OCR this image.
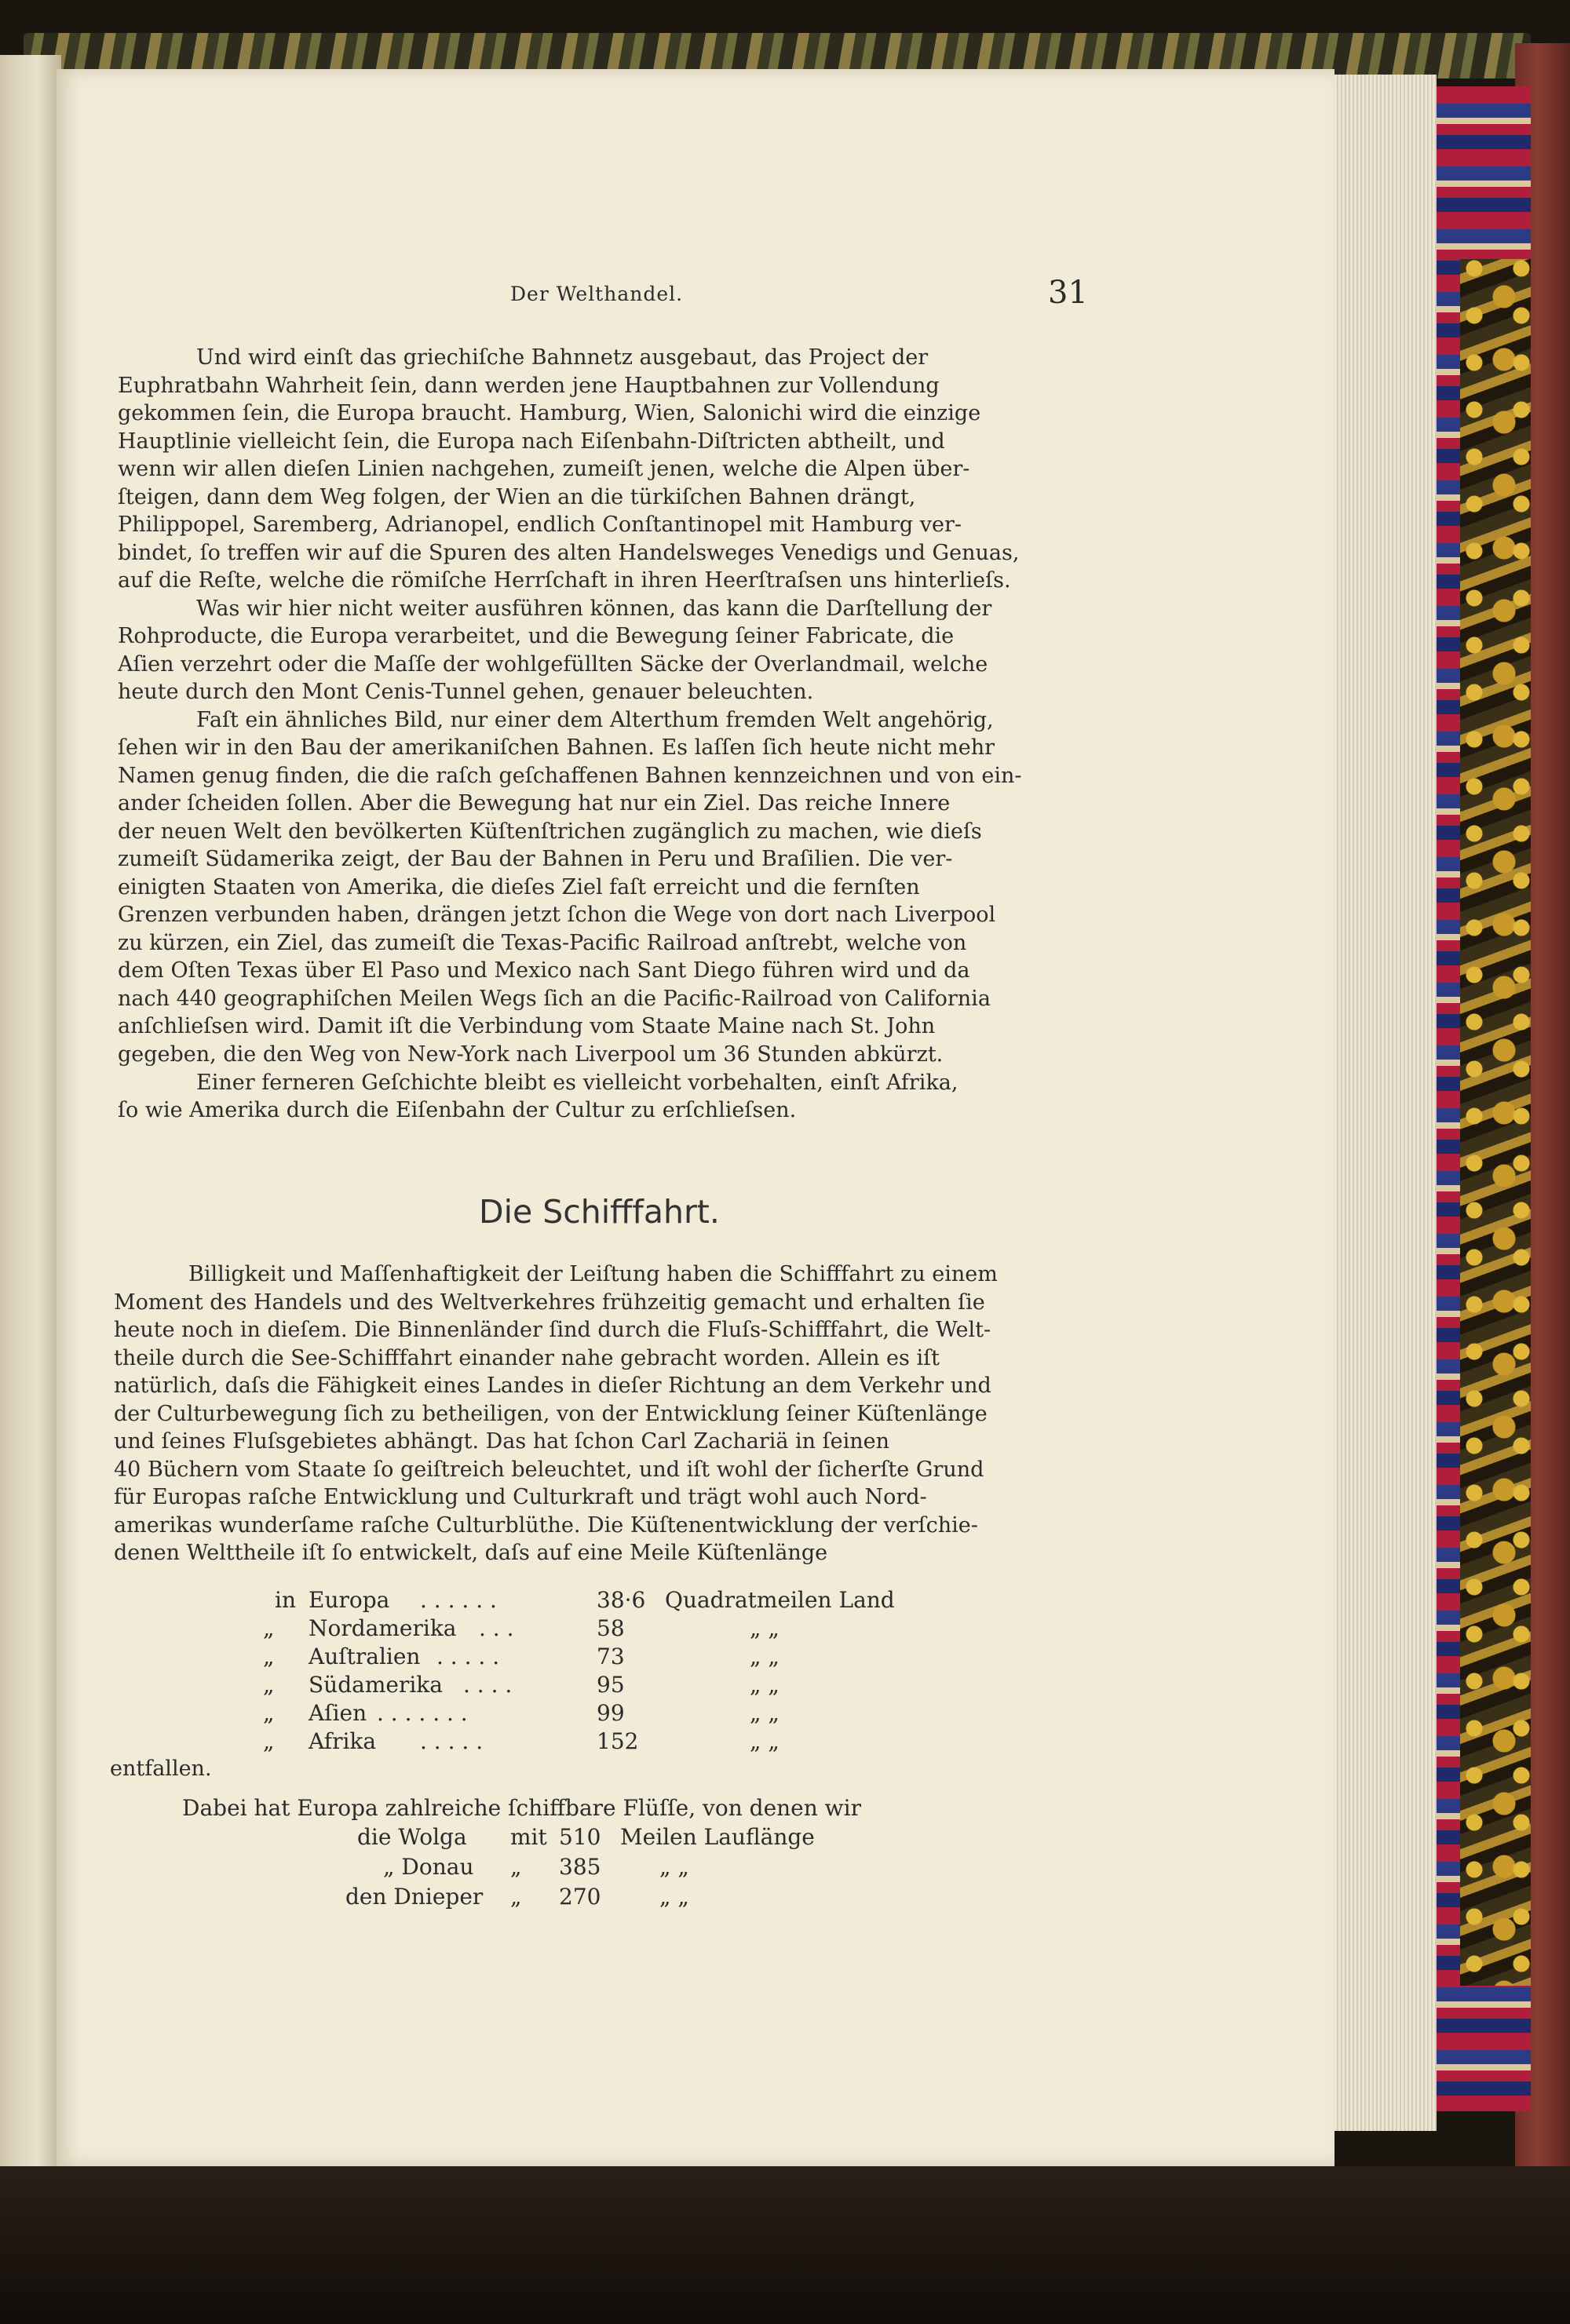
Der Welthandel.	31
Und wird einſt das griechiſche Bahnnetz ausgebaut, das Project der
Euphratbahn Wahrheit ſein, dann werden jene Hauptbahnen zur Vollendung
gekommen ſein, die Europa braucht. Hamburg, Wien, Salonichi wird die einzige
Hauptlinie vielleicht ſein, die Europa nach Eiſenbahn-Diſtricten abtheilt, und
wenn wir allen dieſen Linien nachgehen, zumeiſt jenen, welche die Alpen über-
ſteigen, dann dem Weg folgen, der Wien an die türkiſchen Bahnen drängt,
Philippopel, Saremberg, Adrianopel, endlich Conſtantinopel mit Hamburg ver-
bindet, ſo treffen wir auf die Spuren des alten Handelsweges Venedigs und Genuas,
auf die Reſte, welche die römiſche Herrſchaft in ihren Heerſtraſsen uns hinterlieſs.
Was wir hier nicht weiter ausführen können, das kann die Darſtellung der
Rohproducte, die Europa verarbeitet, und die Bewegung ſeiner Fabricate, die
Aſien verzehrt oder die Maſſe der wohlgefüllten Säcke der Overlandmail, welche
heute durch den Mont Cenis-Tunnel gehen, genauer beleuchten.
Faſt ein ähnliches Bild, nur einer dem Alterthum fremden Welt angehörig,
ſehen wir in den Bau der amerikaniſchen Bahnen. Es laſſen ſich heute nicht mehr
Namen genug finden, die die raſch geſchaffenen Bahnen kennzeichnen und von ein-
ander ſcheiden ſollen. Aber die Bewegung hat nur ein Ziel. Das reiche Innere
der neuen Welt den bevölkerten Küſtenſtrichen zugänglich zu machen, wie dieſs
zumeiſt Südamerika zeigt, der Bau der Bahnen in Peru und Braſilien. Die ver-
einigten Staaten von Amerika, die dieſes Ziel faſt erreicht und die fernſten
Grenzen verbunden haben, drängen jetzt ſchon die Wege von dort nach Liverpool
zu kürzen, ein Ziel, das zumeiſt die Texas-Pacific Railroad anſtrebt, welche von
dem Oſten Texas über El Paso und Mexico nach Sant Diego führen wird und da
nach 440 geographiſchen Meilen Wegs ſich an die Pacific-Railroad von California
anſchlieſsen wird. Damit iſt die Verbindung vom Staate Maine nach St. John
gegeben, die den Weg von New-York nach Liverpool um 36 Stunden abkürzt.
Einer ferneren Geſchichte bleibt es vielleicht vorbehalten, einſt Afrika,
ſo wie Amerika durch die Eiſenbahn der Cultur zu erſchlieſsen.
Die Schifffahrt.
Billigkeit und Maſſenhaftigkeit der Leiſtung haben die Schifffahrt zu einem
Moment des Handels und des Weltverkehres frühzeitig gemacht und erhalten ſie
heute noch in dieſem. Die Binnenländer ſind durch die Fluſs-Schifffahrt, die Welt-
theile durch die See-Schifffahrt einander nahe gebracht worden. Allein es iſt
natürlich, daſs die Fähigkeit eines Landes in dieſer Richtung an dem Verkehr und
der Culturbewegung ſich zu betheiligen, von der Entwicklung ſeiner Küſtenlänge
und ſeines Fluſsgebietes abhängt. Das hat ſchon Carl Zachariä in ſeinen
40 Büchern vom Staate ſo geiſtreich beleuchtet, und iſt wohl der ſicherſte Grund
für Europas raſche Entwicklung und Culturkraft und trägt wohl auch Nord-
amerikas wunderſame raſche Culturblüthe. Die Küſtenentwicklung der verſchie-
denen Welttheile iſt ſo entwickelt, daſs auf eine Meile Küſtenlänge
in Europa . . . . . .	38·6 Quadratmeilen Land
„ Nordamerika . . .	58	„ „
„ Auſtralien . . . . .	73	„ „
„ Südamerika . . . .	95	„ „
„ Aſien . . . . . . .	99	„ „
„ Afrika . . . . .	152	„ „
entfallen.
Dabei hat Europa zahlreiche ſchiffbare Flüſſe, von denen wir
die Wolga mit 510 Meilen Lauflänge
„ Donau „ 385	„ „
den Dnieper „ 270	„ „
